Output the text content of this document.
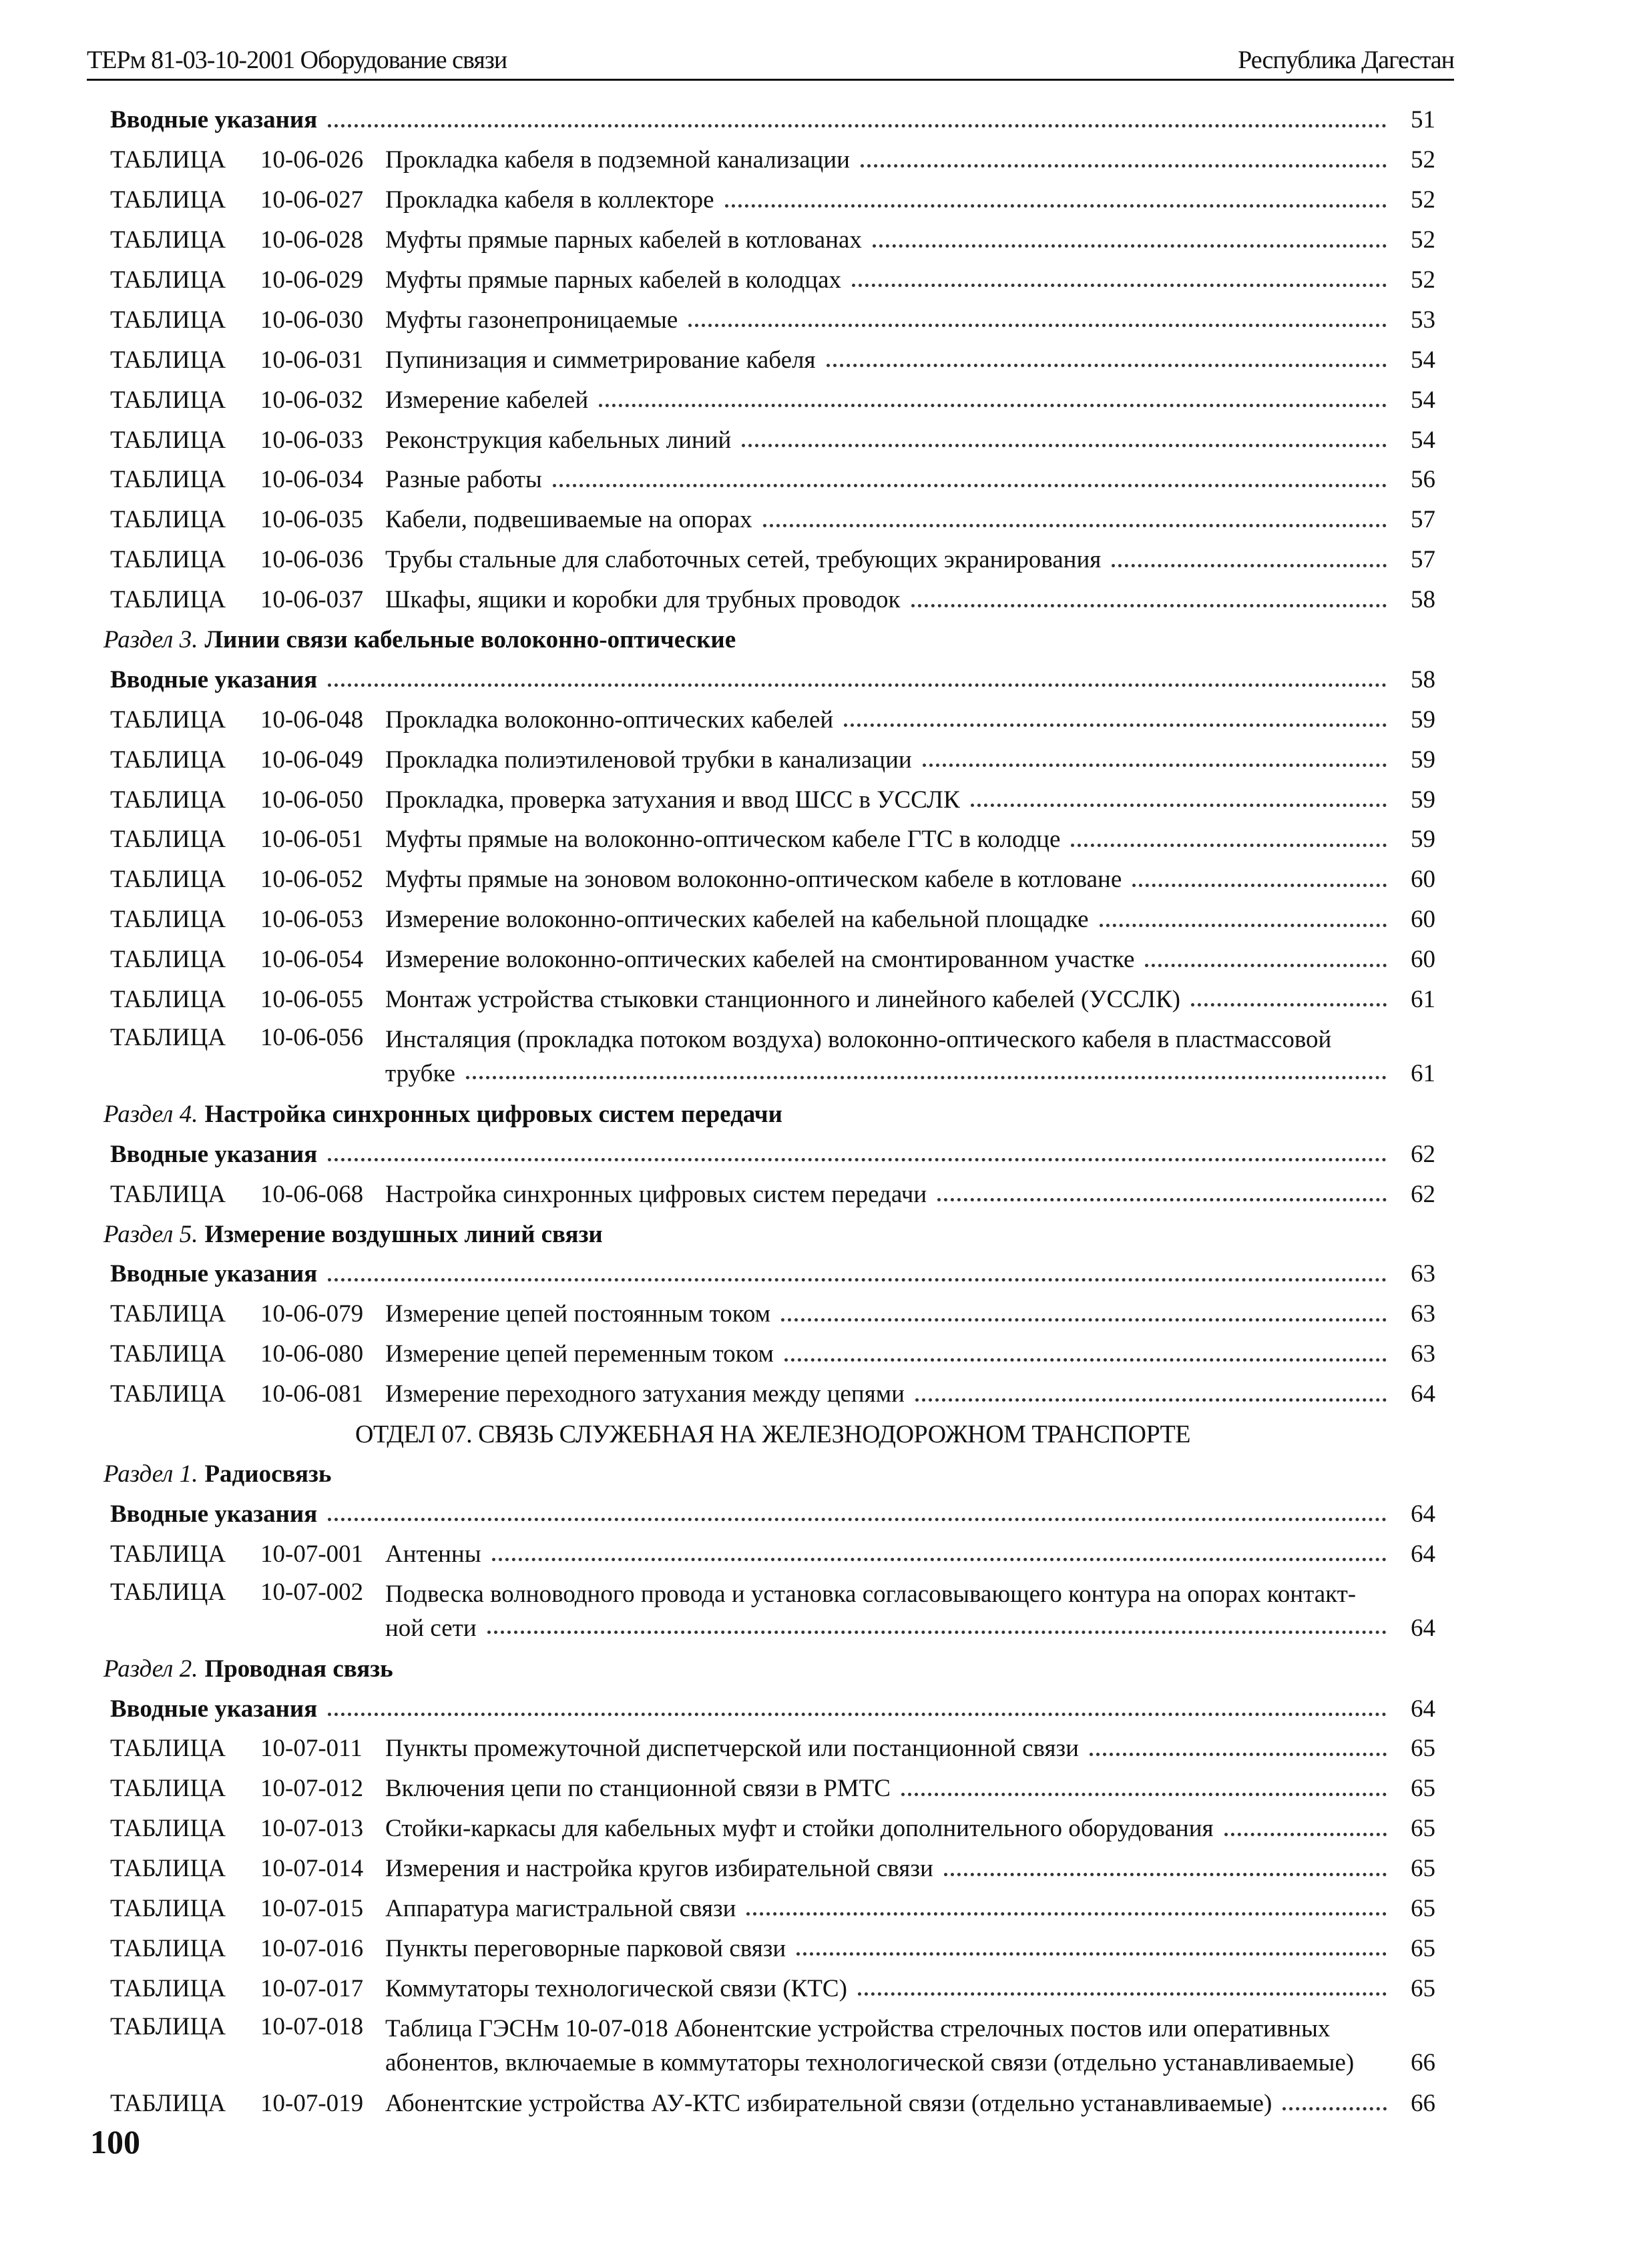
ТЕРм 81-03-10-2001 Оборудование связи	Республика Дагестан
Вводные указания	51
ТАБЛИЦА	10-06-026 Прокладка кабеля в подземной канализации	52
ТАБЛИЦА	10-06-027 Прокладка кабеля в коллекторе	52
ТАБЛИЦА	10-06-028 Муфты прямые парных кабелей в котлованах	52
ТАБЛИЦА	10-06-029 Муфты прямые парных кабелей в колодцах	52
ТАБЛИЦА	10-06-030 Муфты газонепроницаемые	53
ТАБЛИЦА	10-06-031 Пупинизация и симметрирование кабеля	54
ТАБЛИЦА	10-06-032 Измерение кабелей	54
ТАБЛИЦА	10-06-033 Реконструкция кабельных линий	54
ТАБЛИЦА	10-06-034 Разные работы	56
ТАБЛИЦА	10-06-035 Кабели, подвешиваемые на опорах	57
ТАБЛИЦА	10-06-036 Трубы стальные для слаботочных сетей, требующих экранирования	57
ТАБЛИЦА	10-06-037 Шкафы, ящики и коробки для трубных проводок	58
Раздел 3. Линии связи кабельные волоконно-оптические
Вводные указания	58
ТАБЛИЦА	10-06-048 Прокладка волоконно-оптических кабелей	59
ТАБЛИЦА	10-06-049 Прокладка полиэтиленовой трубки в канализации	59
ТАБЛИЦА	10-06-050 Прокладка, проверка затухания и ввод ШСС в УССЛК	59
ТАБЛИЦА	10-06-051 Муфты прямые на волоконно-оптическом кабеле ГТС в колодце	59
ТАБЛИЦА	10-06-052 Муфты прямые на зоновом волоконно-оптическом кабеле в котловане	60
ТАБЛИЦА	10-06-053 Измерение волоконно-оптических кабелей на кабельной площадке	60
ТАБЛИЦА	10-06-054 Измерение волоконно-оптических кабелей на смонтированном участке	60
ТАБЛИЦА	10-06-055 Монтаж устройства стыковки станционного и линейного кабелей (УССЛК)	61
ТАБЛИЦА	10-06-056 Инсталяция (прокладка потоком воздуха) волоконно-оптического кабеля в пластмассовой
трубке	61
Раздел 4. Настройка синхронных цифровых систем передачи
Вводные указания	62
ТАБЛИЦА	10-06-068 Настройка синхронных цифровых систем передачи	62
Раздел 5. Измерение воздушных линий связи
Вводные указания	63
ТАБЛИЦА	10-06-079 Измерение цепей постоянным током	63
ТАБЛИЦА	10-06-080 Измерение цепей переменным током	63
ТАБЛИЦА	10-06-081 Измерение переходного затухания между цепями	64
ОТДЕЛ 07. СВЯЗЬ СЛУЖЕБНАЯ НА ЖЕЛЕЗНОДОРОЖНОМ ТРАНСПОРТЕ
Раздел 1. Радиосвязь
Вводные указания	64
ТАБЛИЦА	10-07-001 Антенны	64
ТАБЛИЦА	10-07-002 Подвеска волноводного провода и установка согласовывающего контура на опорах контакт-
ной сети	64
Раздел 2. Проводная связь
Вводные указания	64
ТАБЛИЦА	10-07-011 Пункты промежуточной диспетчерской или постанционной связи	65
ТАБЛИЦА	10-07-012 Включения цепи по станционной связи в РМТС	65
ТАБЛИЦА	10-07-013 Стойки-каркасы для кабельных муфт и стойки дополнительного оборудования	65
ТАБЛИЦА	10-07-014 Измерения и настройка кругов избирательной связи	65
ТАБЛИЦА	10-07-015 Аппаратура магистральной связи	65
ТАБЛИЦА	10-07-016 Пункты переговорные парковой связи	65
ТАБЛИЦА	10-07-017 Коммутаторы технологической связи (КТС)	65
ТАБЛИЦА	10-07-018 Таблица ГЭСНм 10-07-018 Абонентские устройства стрелочных постов или оперативных
абонентов, включаемые в коммутаторы технологической связи (отдельно устанавливаемые)	66
ТАБЛИЦА	10-07-019 Абонентские устройства АУ-КТС избирательной связи (отдельно устанавливаемые)	66
100
